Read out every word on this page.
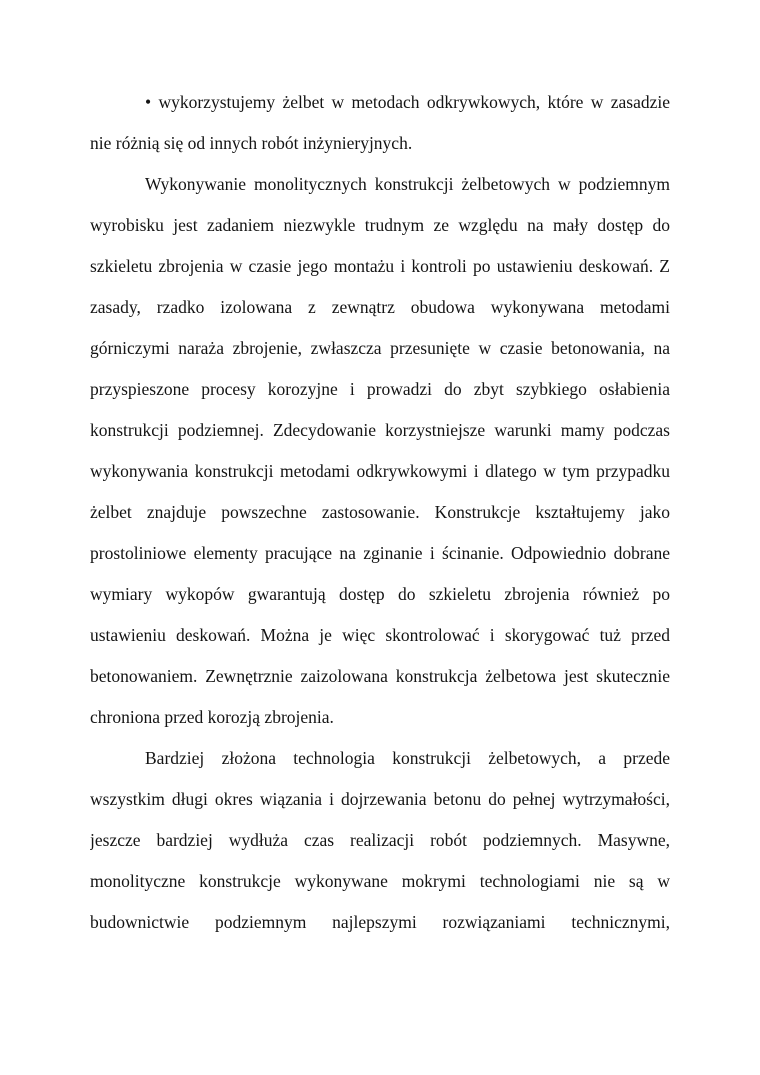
• wykorzystujemy żelbet w metodach odkrywkowych, które w zasadzie
nie różnią się od innych robót inżynieryjnych.
Wykonywanie monolitycznych konstrukcji żelbetowych w podziemnym
wyrobisku jest zadaniem niezwykle trudnym ze względu na mały dostęp do
szkieletu zbrojenia w czasie jego montażu i kontroli po ustawieniu deskowań. Z
zasady, rzadko izolowana z zewnątrz obudowa wykonywana metodami
górniczymi naraża zbrojenie, zwłaszcza przesunięte w czasie betonowania, na
przyspieszone procesy korozyjne i prowadzi do zbyt szybkiego osłabienia
konstrukcji podziemnej. Zdecydowanie korzystniejsze warunki mamy podczas
wykonywania konstrukcji metodami odkrywkowymi i dlatego w tym przypadku
żelbet znajduje powszechne zastosowanie. Konstrukcje kształtujemy jako
prostoliniowe elementy pracujące na zginanie i ścinanie. Odpowiednio dobrane
wymiary wykopów gwarantują dostęp do szkieletu zbrojenia również po
ustawieniu deskowań. Można je więc skontrolować i skorygować tuż przed
betonowaniem. Zewnętrznie zaizolowana konstrukcja żelbetowa jest skutecznie
chroniona przed korozją zbrojenia.
Bardziej złożona technologia konstrukcji żelbetowych, a przede
wszystkim długi okres wiązania i dojrzewania betonu do pełnej wytrzymałości,
jeszcze bardziej wydłuża czas realizacji robót podziemnych. Masywne,
monolityczne konstrukcje wykonywane mokrymi technologiami nie są w
budownictwie podziemnym najlepszymi rozwiązaniami technicznymi,
